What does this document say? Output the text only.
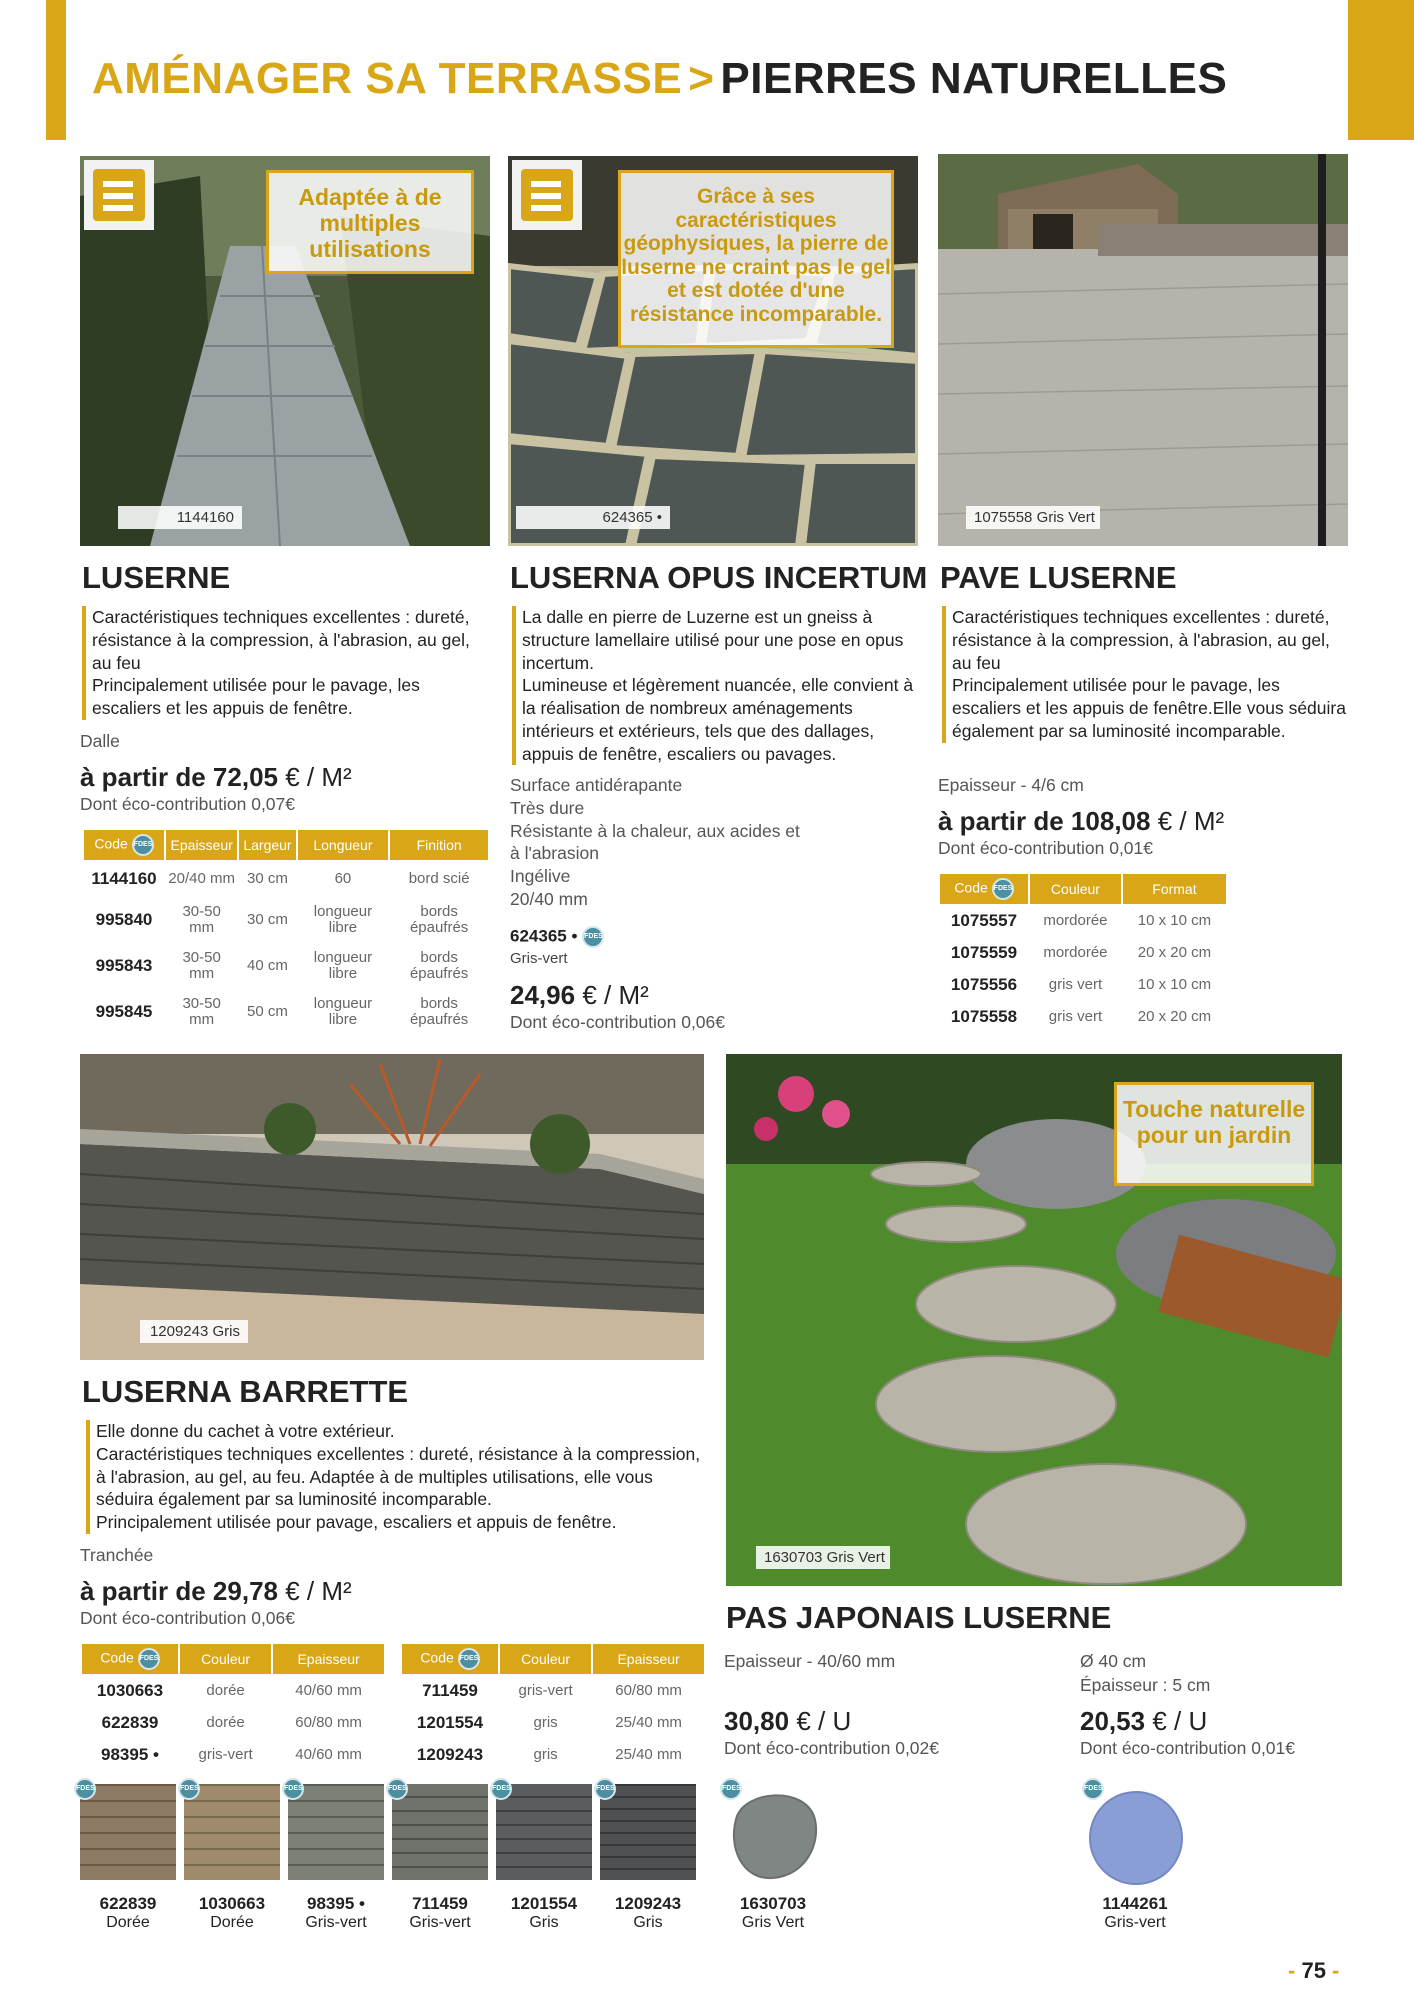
AMÉNAGER SA TERRASSE > PIERRES NATURELLES
Adaptée à de multiples utilisations
1144160
LUSERNE
Caractéristiques techniques excellentes : dureté, résistance à la compression, à l'abrasion, au gel, au feu
Principalement utilisée pour le pavage, les escaliers et les appuis de fenêtre.
Dalle
à partir de 72,05 € / M²
Dont éco-contribution 0,07€
Code FDES	Epaisseur	Largeur	Longueur	Finition
1144160	20/40 mm	30 cm	60	bord scié
995840	30-50 mm	30 cm	longueur libre	bords épaufrés
995843	30-50 mm	40 cm	longueur libre	bords épaufrés
995845	30-50 mm	50 cm	longueur libre	bords épaufrés
Grâce à ses caractéristiques géophysiques, la pierre de luserne ne craint pas le gel et est dotée d'une résistance incomparable.
624365 •
LUSERNA OPUS INCERTUM
La dalle en pierre de Luzerne est un gneiss à structure lamellaire utilisé pour une pose en opus incertum.
Lumineuse et légèrement nuancée, elle convient à la réalisation de nombreux aménagements intérieurs et extérieurs, tels que des dallages, appuis de fenêtre, escaliers ou pavages.
Surface antidérapante
Très dure
Résistante à la chaleur, aux acides et à l'abrasion
Ingélive
20/40 mm
624365 • FDES
Gris-vert
24,96 € / M²
Dont éco-contribution 0,06€
1075558 Gris Vert
PAVE LUSERNE
Caractéristiques techniques excellentes : dureté, résistance à la compression, à l'abrasion, au gel, au feu
Principalement utilisée pour le pavage, les escaliers et les appuis de fenêtre.Elle vous séduira également par sa luminosité incomparable.
Epaisseur - 4/6 cm
à partir de 108,08 € / M²
Dont éco-contribution 0,01€
Code FDES	Couleur	Format
1075557	mordorée	10 x 10 cm
1075559	mordorée	20 x 20 cm
1075556	gris vert	10 x 10 cm
1075558	gris vert	20 x 20 cm
1209243 Gris
LUSERNA BARRETTE
Elle donne du cachet à votre extérieur.
Caractéristiques techniques excellentes : dureté, résistance à la compression, à l'abrasion, au gel, au feu. Adaptée à de multiples utilisations, elle vous séduira également par sa luminosité incomparable.
Principalement utilisée pour pavage, escaliers et appuis de fenêtre.
Tranchée
à partir de 29,78 € / M²
Dont éco-contribution 0,06€
Code FDES	Couleur	Epaisseur
1030663	dorée	40/60 mm
622839	dorée	60/80 mm
98395 •	gris-vert	40/60 mm
Code FDES	Couleur	Epaisseur
711459	gris-vert	60/80 mm
1201554	gris	25/40 mm
1209243	gris	25/40 mm
FDES	FDES	FDES	FDES	FDES	FDES
622839
Dorée
1030663
Dorée
98395 •
Gris-vert
711459
Gris-vert
1201554
Gris
1209243
Gris
Touche naturelle pour un jardin
1630703 Gris Vert
PAS JAPONAIS LUSERNE
Epaisseur - 40/60 mm
30,80 € / U
Dont éco-contribution 0,02€
Ø 40 cm
Épaisseur : 5 cm
20,53 € / U
Dont éco-contribution 0,01€
FDES
1630703
Gris Vert
FDES
1144261
Gris-vert
- 75 -
